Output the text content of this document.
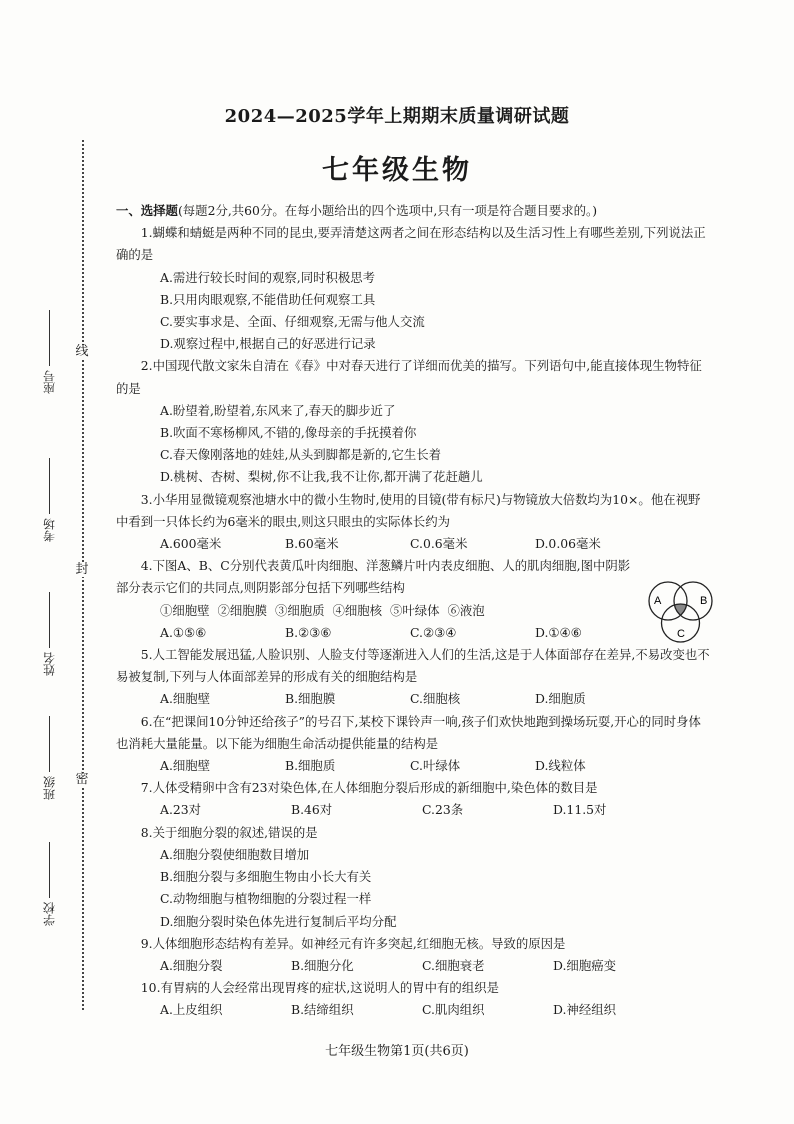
线
封
密
座号
考场
姓名
班级
学校
2024—2025学年上期期末质量调研试题
七年级生物
一、选择题(每题2分,共60分。在每小题给出的四个选项中,只有一项是符合题目要求的。)
1.蝴蝶和蜻蜓是两种不同的昆虫,要弄清楚这两者之间在形态结构以及生活习性上有哪些差别,下列说法正确的是
A.需进行较长时间的观察,同时积极思考
B.只用肉眼观察,不能借助任何观察工具
C.要实事求是、全面、仔细观察,无需与他人交流
D.观察过程中,根据自己的好恶进行记录
2.中国现代散文家朱自清在《春》中对春天进行了详细而优美的描写。下列语句中,能直接体现生物特征的是
A.盼望着,盼望着,东风来了,春天的脚步近了
B.吹面不寒杨柳风,不错的,像母亲的手抚摸着你
C.春天像刚落地的娃娃,从头到脚都是新的,它生长着
D.桃树、杏树、梨树,你不让我,我不让你,都开满了花赶趟儿
3.小华用显微镜观察池塘水中的微小生物时,使用的目镜(带有标尺)与物镜放大倍数均为10×。他在视野中看到一只体长约为6毫米的眼虫,则这只眼虫的实际体长约为
A.600毫米	B.60毫米	C.0.6毫米	D.0.06毫米
4.下图A、B、C分别代表黄瓜叶肉细胞、洋葱鳞片叶内表皮细胞、人的肌肉细胞,图中阴影部分表示它们的共同点,则阴影部分包括下列哪些结构
①细胞壁 ②细胞膜 ③细胞质 ④细胞核 ⑤叶绿体 ⑥液泡
A.①⑤⑥	B.②③⑥	C.②③④	D.①④⑥
A	B
C
5.人工智能发展迅猛,人脸识别、人脸支付等逐渐进入人们的生活,这是于人体面部存在差异,不易改变也不易被复制,下列与人体面部差异的形成有关的细胞结构是
A.细胞壁	B.细胞膜	C.细胞核	D.细胞质
6.在“把课间10分钟还给孩子”的号召下,某校下课铃声一响,孩子们欢快地跑到操场玩耍,开心的同时身体也消耗大量能量。以下能为细胞生命活动提供能量的结构是
A.细胞壁	B.细胞质	C.叶绿体	D.线粒体
7.人体受精卵中含有23对染色体,在人体细胞分裂后形成的新细胞中,染色体的数目是
A.23对	B.46对	C.23条	D.11.5对
8.关于细胞分裂的叙述,错误的是
A.细胞分裂使细胞数目增加
B.细胞分裂与多细胞生物由小长大有关
C.动物细胞与植物细胞的分裂过程一样
D.细胞分裂时染色体先进行复制后平均分配
9.人体细胞形态结构有差异。如神经元有许多突起,红细胞无核。导致的原因是
A.细胞分裂	B.细胞分化	C.细胞衰老	D.细胞癌变
10.有胃病的人会经常出现胃疼的症状,这说明人的胃中有的组织是
A.上皮组织	B.结缔组织	C.肌肉组织	D.神经组织
七年级生物第1页(共6页)
